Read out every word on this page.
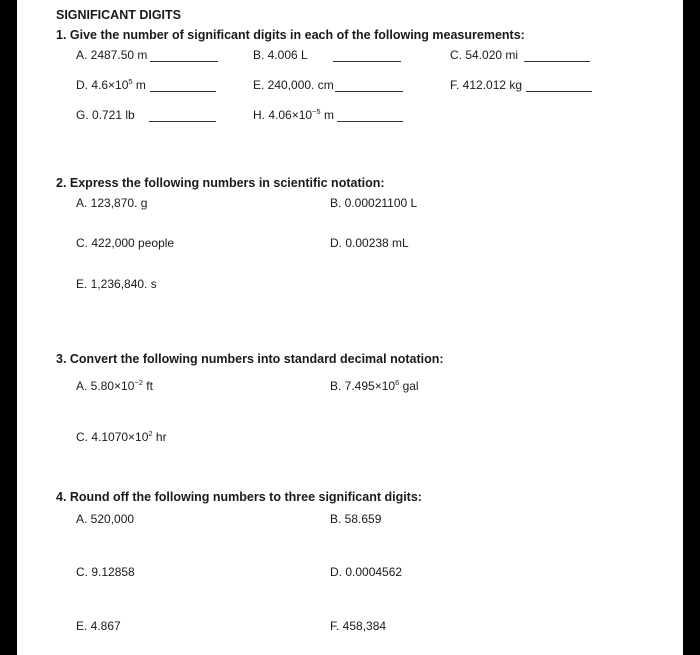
SIGNIFICANT DIGITS
1. Give the number of significant digits in each of the following measurements:
A. 2487.50 m	B. 4.006 L	C. 54.020 mi
D. $4.6\times 10^5$ m	E. 240,000. cm	F. 412.012 kg
G. 0.721 lb	H. $4.06\times 10^{-5}$ m
2. Express the following numbers in scientific notation:
A. 123,870. g	B. 0.00021100 L
C. 422,000 people	D. 0.00238 mL
E. 1,236,840. s
3. Convert the following numbers into standard decimal notation:
A. $5.80\times 10^{-2}$ ft	B. $7.495\times 10^6$ gal
C. $4.1070\times 10^2$ hr
4. Round off the following numbers to three significant digits:
A. 520,000	B. 58.659
C. 9.12858	D. 0.0004562
E. 4.867	F. 458,384
